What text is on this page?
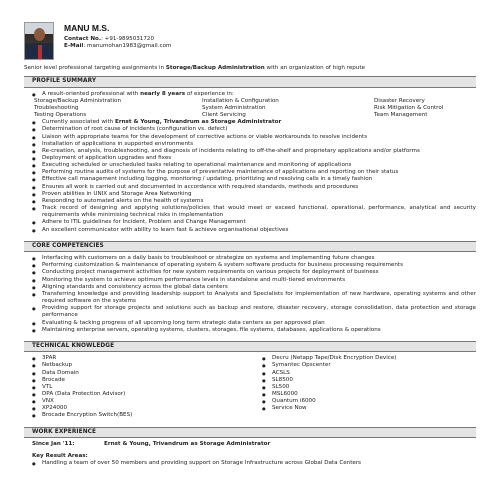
MANU M.S.
Contact No.: +91-9895031720
E-Mail: manumohan1983@gmail.com
Senior level professional targeting assignments in Storage/Backup Administration with an organization of high repute
PROFILE SUMMARY
● A result-oriented professional with nearly 8 years of experience in:
Storage/Backup Administration	Installation & Configuration	Disaster Recovery
Troubleshooting	System Administration	Risk Mitigation & Control
Testing Operations	Client Servicing	Team Management
● Currently associated with Ernst & Young, Trivandrum as Storage Administrator
● Determination of root cause of incidents (configuration vs. defect)
● Liaison with appropriate teams for the development of corrective actions or viable workarounds to resolve incidents
● Installation of applications in supported environments
● Re-creation, analysis, troubleshooting, and diagnosis of incidents relating to off-the-shelf and proprietary applications and/or platforms
● Deployment of application upgrades and fixes
● Executing scheduled or unscheduled tasks relating to operational maintenance and monitoring of applications
● Performing routine audits of systems for the purpose of preventative maintenance of applications and reporting on their status
● Effective call management including logging, monitoring / updating, prioritizing and resolving calls in a timely fashion
● Ensures all work is carried out and documented in accordance with required standards, methods and procedures
● Proven abilities in UNIX and Storage Area Networking
● Responding to automated alerts on the health of systems
● Track record of designing and applying solutions/policies that would meet or exceed functional, operational, performance, analytical and security requirements while minimising technical risks in implementation
● Adhere to ITIL guidelines for Incident, Problem and Change Management
● An excellent communicator with ability to learn fast & achieve organisational objectives
CORE COMPETENCIES
● Interfacing with customers on a daily basis to troubleshoot or strategize on systems and implementing future changes
● Performing customization & maintenance of operating system & system software products for business processing requirements
● Conducting project management activities for new system requirements on various projects for deployment of business
● Monitoring the system to achieve optimum performance levels in standalone and multi-tiered environments
● Aligning standards and consistency across the global data centers
● Transferring knowledge and providing leadership support to Analysts and Specialists for implementation of new hardware, operating systems and other required software on the systems
● Providing support for storage projects and solutions such as backup and restore, disaster recovery, storage consolidation, data protection and storage performance
● Evaluating & tacking progress of all upcoming long term strategic data centers as per approved plan
● Maintaining enterprise servers, operating systems, clusters, storages, file systems, databases, applications & operations
TECHNICAL KNOWLEDGE
● 3PAR
● Netbackup
● Data Domain
● Brocade
● VTL
● DPA (Data Protection Advisor)
● VNX
● XP24000
● Brocade Encryption Switch(BES)
● Decru (Netapp Tape/Disk Encryption Device)
● Symantec Opscenter
● ACSLS
● SL8500
● SL500
● MSL6000
● Quantum i6000
● Service Now
WORK EXPERIENCE
Since Jan '11:	Ernst & Young, Trivandrum as Storage Administrator
Key Result Areas:
● Handling a team of over 50 members and providing support on Storage Infrastructure across Global Data Centers
